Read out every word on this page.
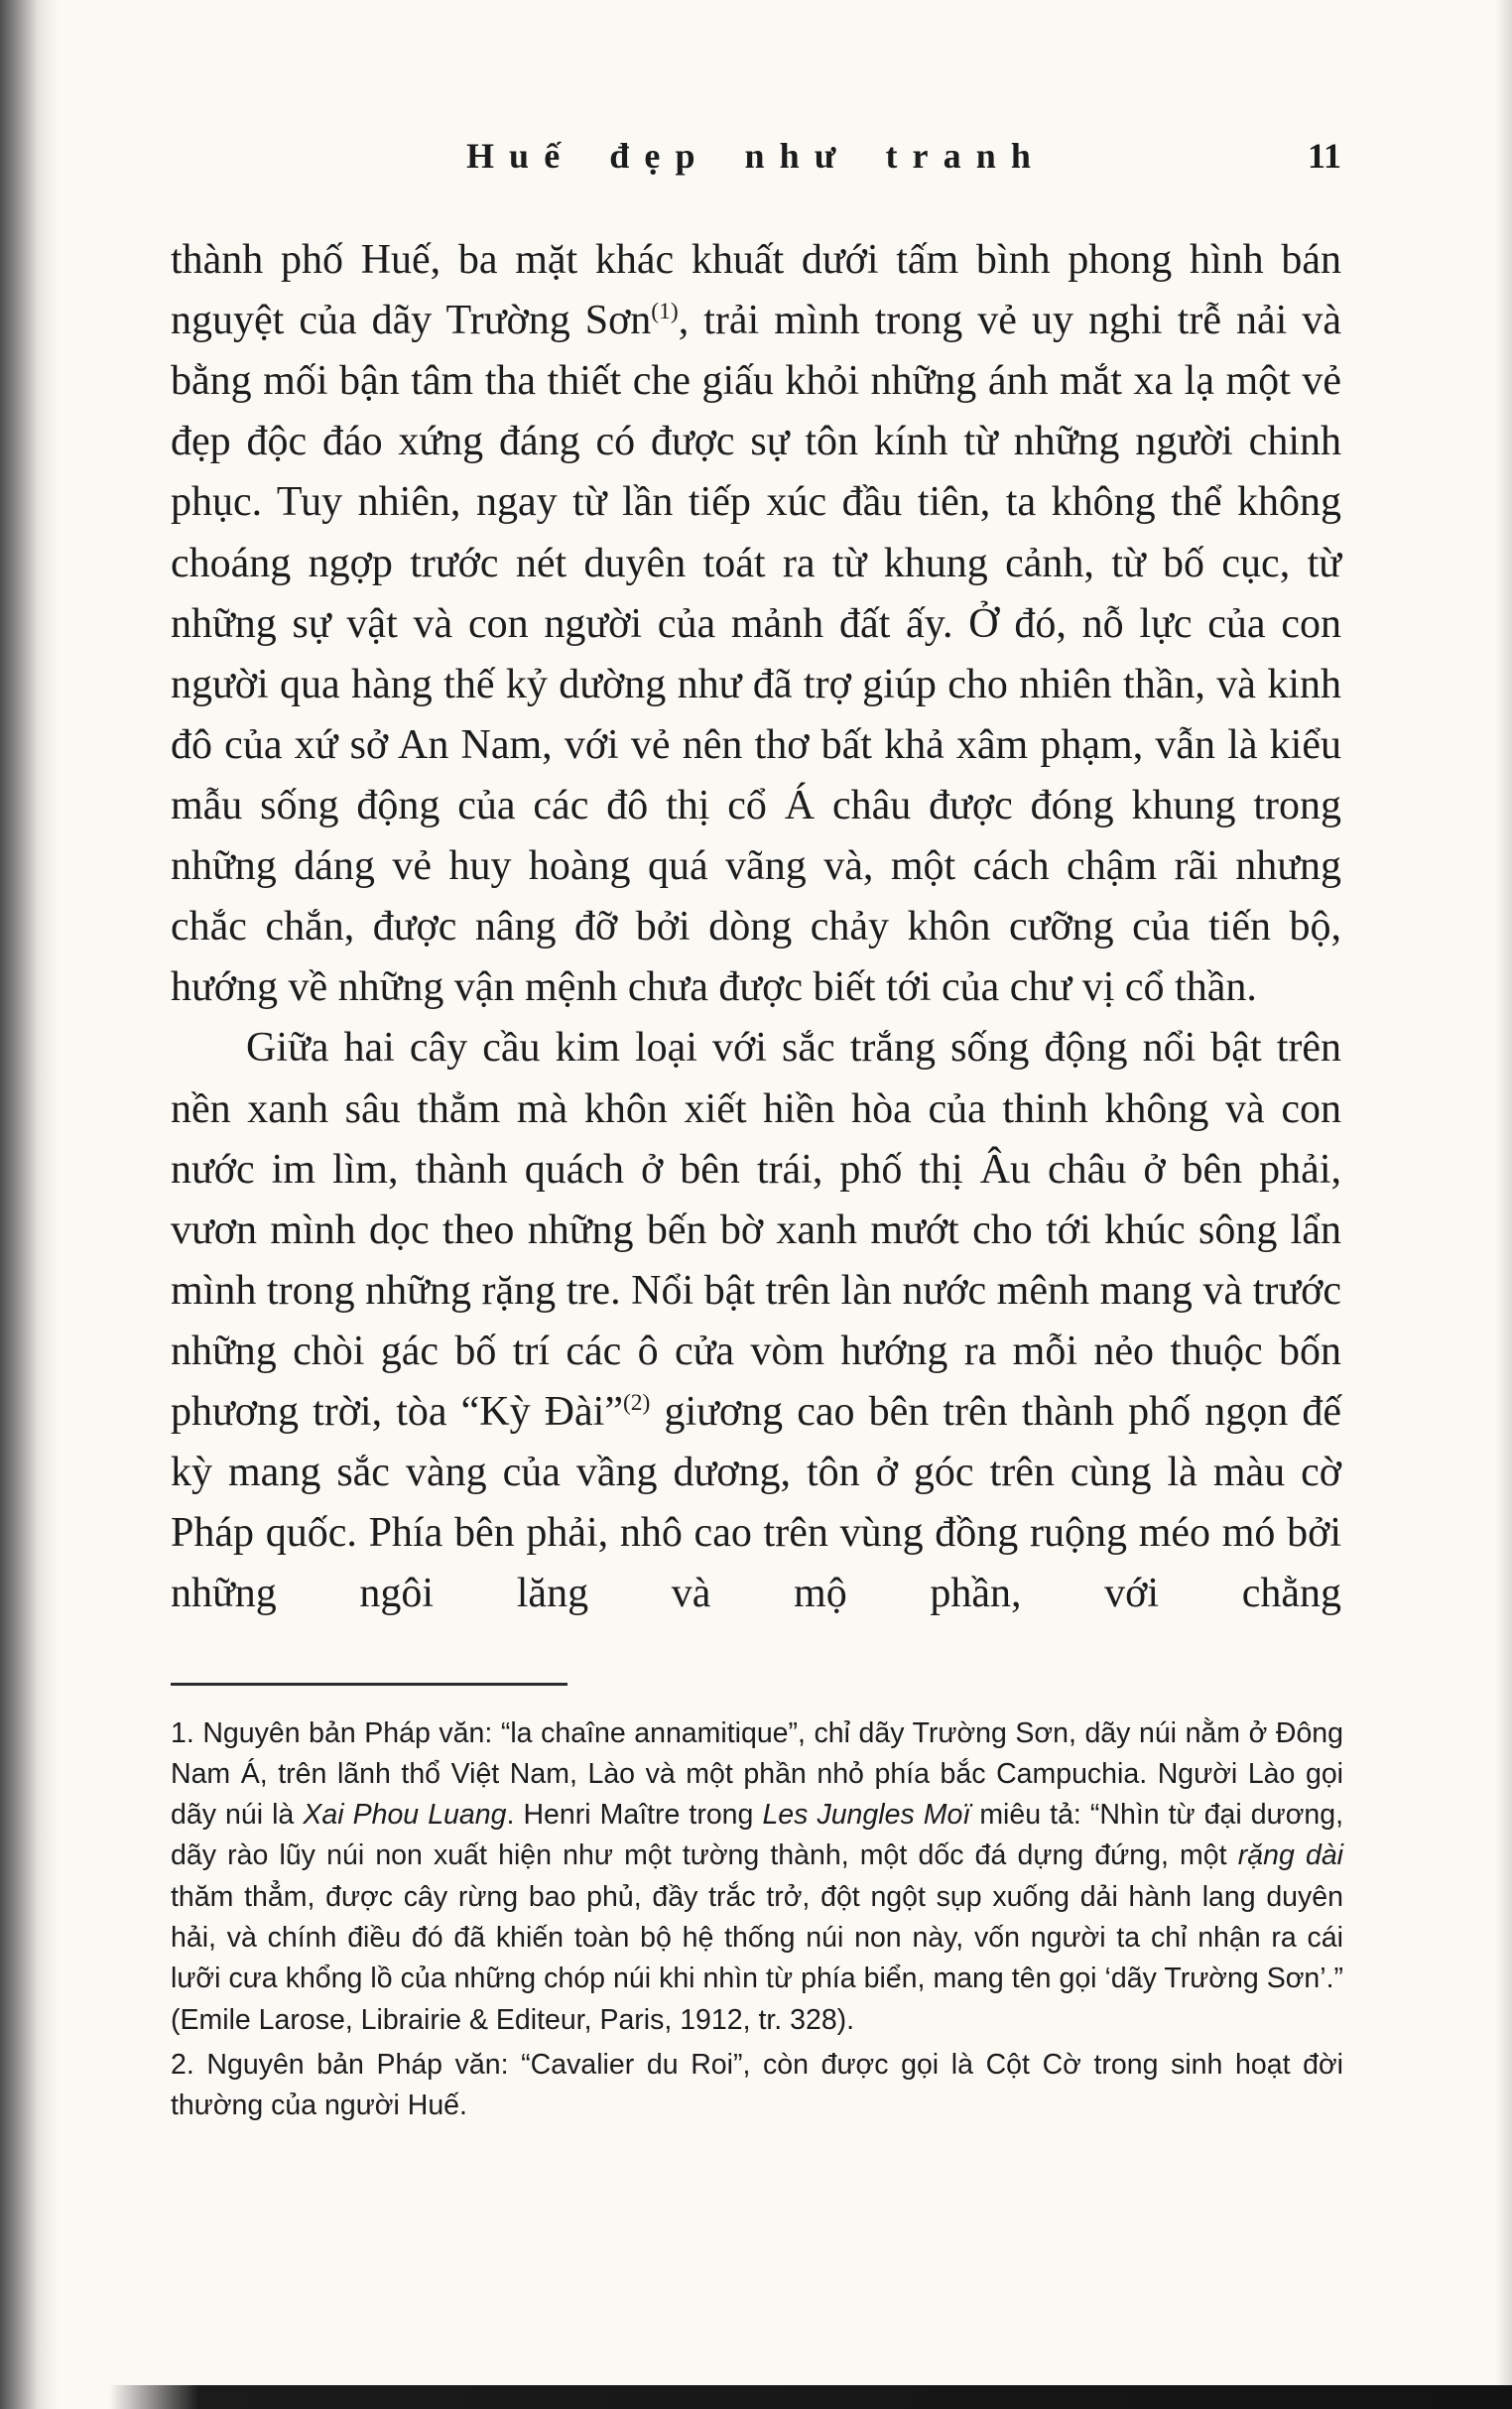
Huế đẹp như tranh	11

thành phố Huế, ba mặt khác khuất dưới tấm bình phong hình bán nguyệt của dãy Trường Sơn$^{(1)}$, trải mình trong vẻ uy nghi trễ nải và bằng mối bận tâm tha thiết che giấu khỏi những ánh mắt xa lạ một vẻ đẹp độc đáo xứng đáng có được sự tôn kính từ những người chinh phục. Tuy nhiên, ngay từ lần tiếp xúc đầu tiên, ta không thể không choáng ngợp trước nét duyên toát ra từ khung cảnh, từ bố cục, từ những sự vật và con người của mảnh đất ấy. Ở đó, nỗ lực của con người qua hàng thế kỷ dường như đã trợ giúp cho nhiên thần, và kinh đô của xứ sở An Nam, với vẻ nên thơ bất khả xâm phạm, vẫn là kiểu mẫu sống động của các đô thị cổ Á châu được đóng khung trong những dáng vẻ huy hoàng quá vãng và, một cách chậm rãi nhưng chắc chắn, được nâng đỡ bởi dòng chảy khôn cưỡng của tiến bộ, hướng về những vận mệnh chưa được biết tới của chư vị cổ thần.

Giữa hai cây cầu kim loại với sắc trắng sống động nổi bật trên nền xanh sâu thẳm mà khôn xiết hiền hòa của thinh không và con nước im lìm, thành quách ở bên trái, phố thị Âu châu ở bên phải, vươn mình dọc theo những bến bờ xanh mướt cho tới khúc sông lẩn mình trong những rặng tre. Nổi bật trên làn nước mênh mang và trước những chòi gác bố trí các ô cửa vòm hướng ra mỗi nẻo thuộc bốn phương trời, tòa “Kỳ Đài”$^{(2)}$ giương cao bên trên thành phố ngọn đế kỳ mang sắc vàng của vầng dương, tôn ở góc trên cùng là màu cờ Pháp quốc. Phía bên phải, nhô cao trên vùng đồng ruộng méo mó bởi những ngôi lăng và mộ phần, với chằng

1. Nguyên bản Pháp văn: “la chaîne annamitique”, chỉ dãy Trường Sơn, dãy núi nằm ở Đông Nam Á, trên lãnh thổ Việt Nam, Lào và một phần nhỏ phía bắc Campuchia. Người Lào gọi dãy núi là Xai Phou Luang. Henri Maître trong Les Jungles Moï miêu tả: “Nhìn từ đại dương, dãy rào lũy núi non xuất hiện như một tường thành, một dốc đá dựng đứng, một rặng dài thăm thẳm, được cây rừng bao phủ, đầy trắc trở, đột ngột sụp xuống dải hành lang duyên hải, và chính điều đó đã khiến toàn bộ hệ thống núi non này, vốn người ta chỉ nhận ra cái lưỡi cưa khổng lồ của những chóp núi khi nhìn từ phía biển, mang tên gọi ‘dãy Trường Sơn’.” (Emile Larose, Librairie & Editeur, Paris, 1912, tr. 328).

2. Nguyên bản Pháp văn: “Cavalier du Roi”, còn được gọi là Cột Cờ trong sinh hoạt đời thường của người Huế.
